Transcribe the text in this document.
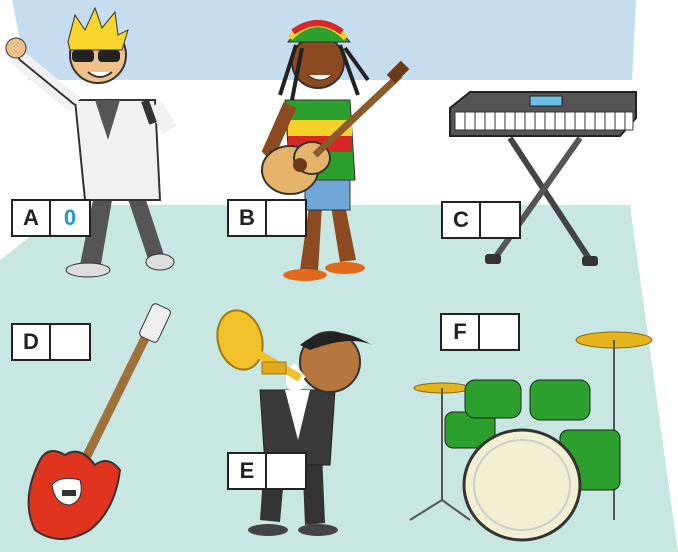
A	0	B	C
D
E
F
